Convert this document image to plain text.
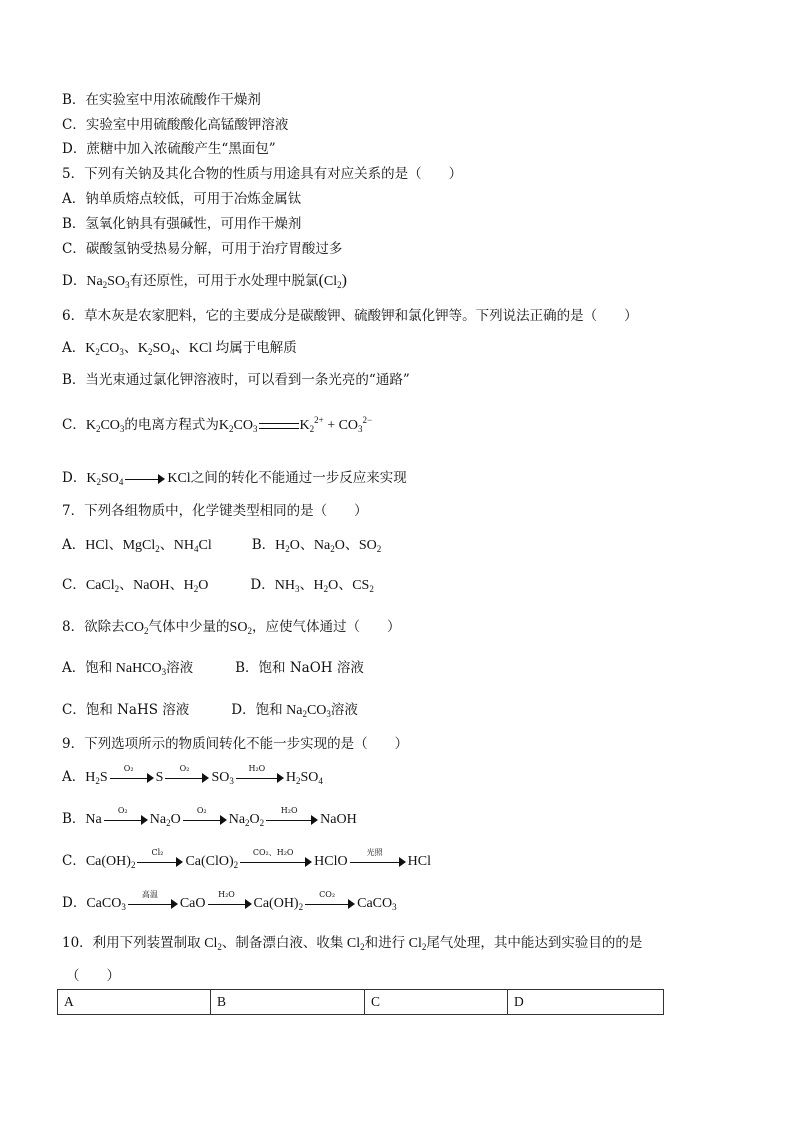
B．在实验室中用浓硫酸作干燥剂
C．实验室中用硫酸酸化高锰酸钾溶液
D．蔗糖中加入浓硫酸产生“黑面包”
5．下列有关钠及其化合物的性质与用途具有对应关系的是（　　）
A．钠单质熔点较低，可用于冶炼金属钛
B．氢氧化钠具有强碱性，可用作干燥剂
C．碳酸氢钠受热易分解，可用于治疗胃酸过多
D．$Na_2SO_3$有还原性，可用于水处理中脱氯$(Cl_2)$
6．草木灰是农家肥料，它的主要成分是碳酸钾、硫酸钾和氯化钾等。下列说法正确的是（　　）
A．$K_2CO_3$、$K_2SO_4$、KCl 均属于电解质
B．当光束通过氯化钾溶液时，可以看到一条光亮的“通路”
C．$K_2CO_3$的电离方程式为$K_2CO_3$	$K_2^{2+} + CO_3^{2-}$
D．$K_2SO_4$	KCl之间的转化不能通过一步反应来实现
7．下列各组物质中，化学键类型相同的是（　　）
A．HCl、MgCl$_2$、$NH_4Cl$	B．$H_2O$、$Na_2O$、$SO_2$
C．CaCl$_2$、NaOH、$H_2O$	D．$NH_3$、$H_2O$、$CS_2$
8．欲除去$CO_2$气体中少量的$SO_2$，应使气体通过（　　）
A．饱和 NaHCO$_3$溶液	B．饱和 NaOH 溶液
C．饱和 NaHS 溶液	D．饱和 $Na_2CO_3$溶液
9．下列选项所示的物质间转化不能一步实现的是（　　）
A．$H_2S$
O₂
S
O₂
$SO_3$
H₂O
$H_2SO_4$
B．Na
O₂
$Na_2O$
O₂
$Na_2O_2$
H₂O
NaOH
C．$Ca(OH)_2$
Cl₂
$Ca(ClO)_2$
CO₂、H₂O
HClO
光照
HCl
D．CaCO$_3$
高温
CaO
H₂O
$Ca(OH)_2$
CO₂
CaCO$_3$
10．利用下列装置制取 $Cl_2$、制备漂白液、收集 $Cl_2$和进行 $Cl_2$尾气处理，其中能达到实验目的的是
（　　）
A	B	C	D
